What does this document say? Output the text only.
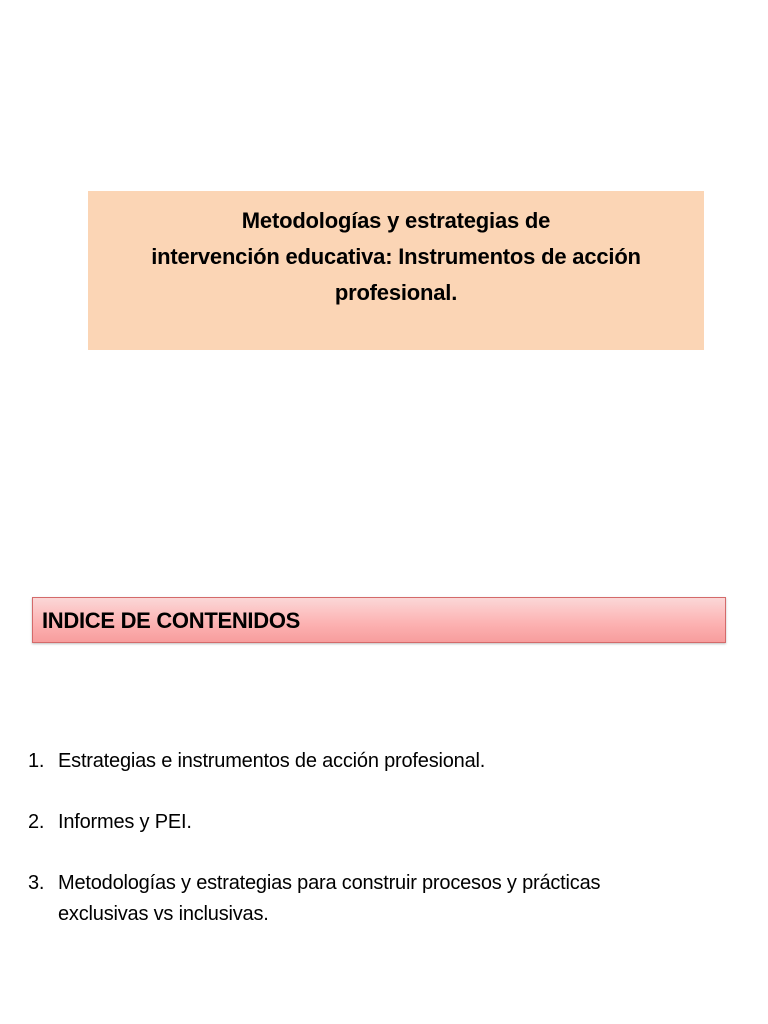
Metodologías y estrategias de
intervención educativa: Instrumentos de acción
profesional.
INDICE DE CONTENIDOS
1. Estrategias e instrumentos de acción profesional.
2. Informes y PEI.
3. Metodologías y estrategias para construir procesos y prácticas
exclusivas vs inclusivas.
